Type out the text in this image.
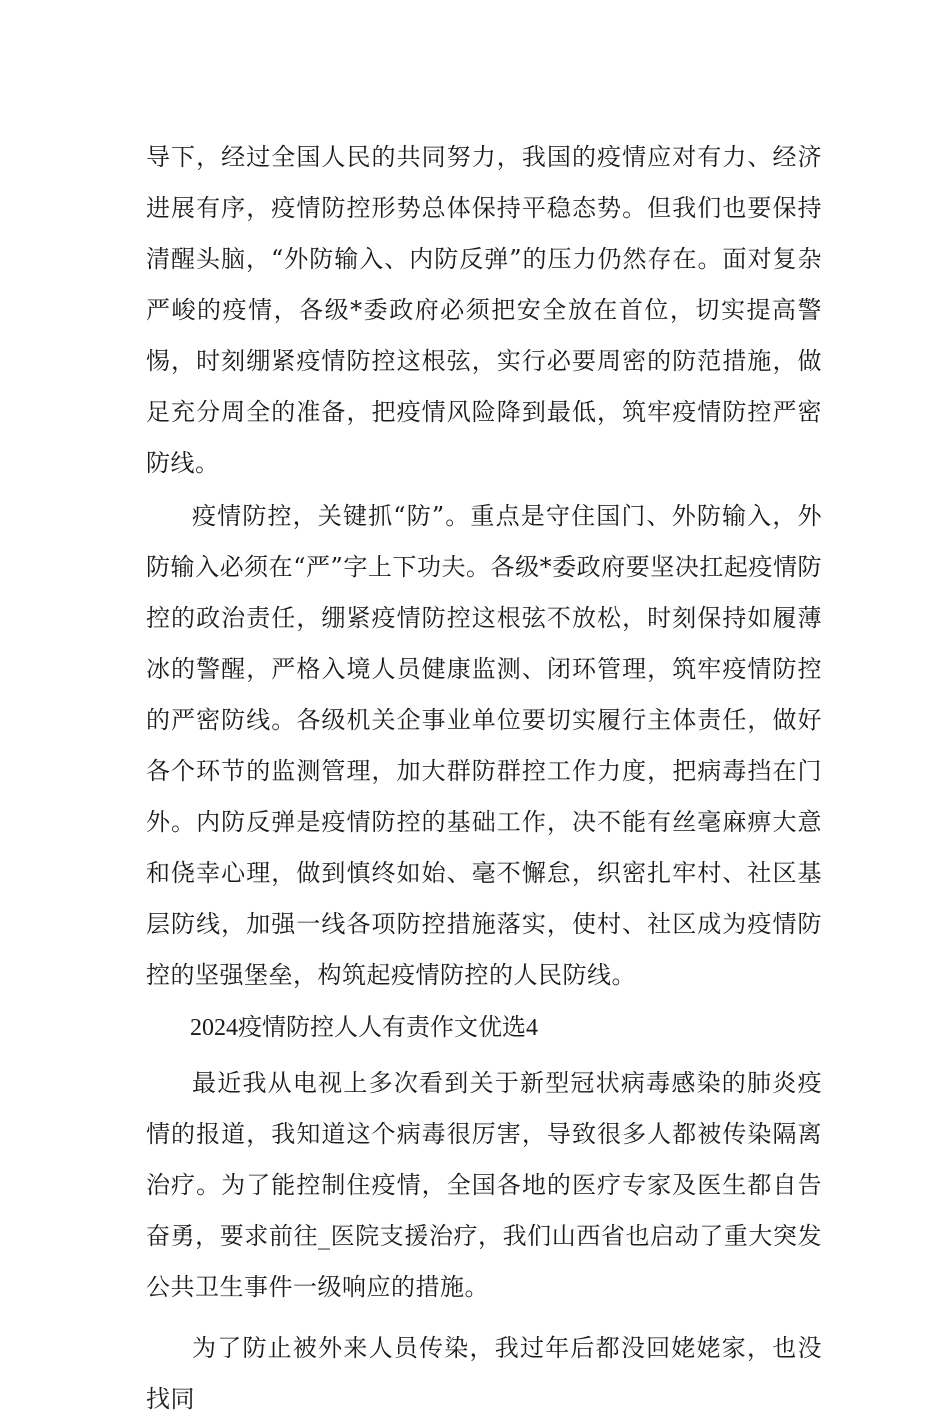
导下，经过全国人民的共同努力，我国的疫情应对有力、经济进展有序，疫情防控形势总体保持平稳态势。但我们也要保持清醒头脑，“外防输入、内防反弹”的压力仍然存在。面对复杂严峻的疫情，各级*委政府必须把安全放在首位，切实提高警惕，时刻绷紧疫情防控这根弦，实行必要周密的防范措施，做足充分周全的准备，把疫情风险降到最低，筑牢疫情防控严密防线。

疫情防控，关键抓“防”。重点是守住国门、外防输入，外防输入必须在“严”字上下功夫。各级*委政府要坚决扛起疫情防控的政治责任，绷紧疫情防控这根弦不放松，时刻保持如履薄冰的警醒，严格入境人员健康监测、闭环管理，筑牢疫情防控的严密防线。各级机关企事业单位要切实履行主体责任，做好各个环节的监测管理，加大群防群控工作力度，把病毒挡在门外。内防反弹是疫情防控的基础工作，决不能有丝毫麻痹大意和侥幸心理，做到慎终如始、毫不懈怠，织密扎牢村、社区基层防线，加强一线各项防控措施落实，使村、社区成为疫情防控的坚强堡垒，构筑起疫情防控的人民防线。

2024疫情防控人人有责作文优选4

最近我从电视上多次看到关于新型冠状病毒感染的肺炎疫情的报道，我知道这个病毒很厉害，导致很多人都被传染隔离治疗。为了能控制住疫情，全国各地的医疗专家及医生都自告奋勇，要求前往_医院支援治疗，我们山西省也启动了重大突发公共卫生事件一级响应的措施。

为了防止被外来人员传染，我过年后都没回姥姥家，也没找同
